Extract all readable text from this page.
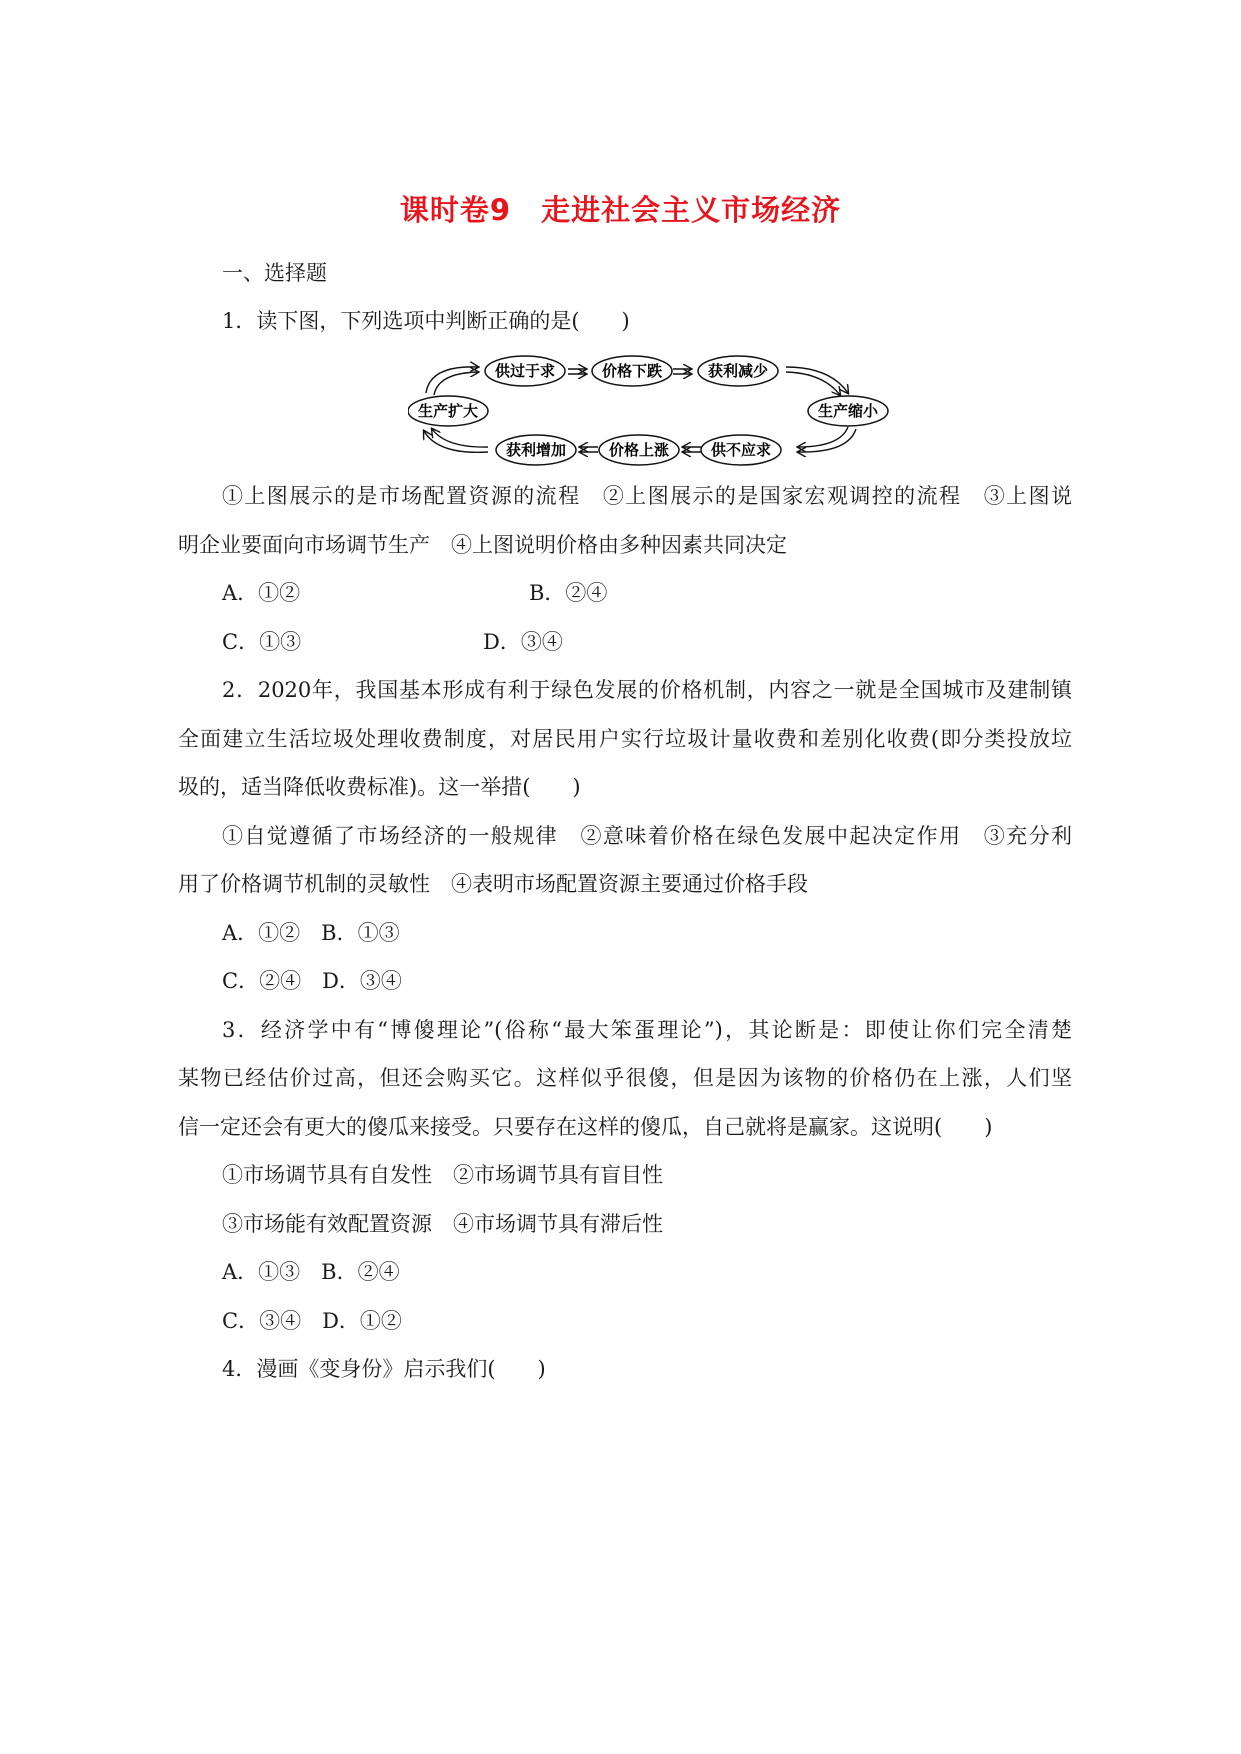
课时卷9　走进社会主义市场经济
一、选择题
1．读下图，下列选项中判断正确的是(　　)
供过于求	价格下跌	获利减少
生产缩小
供不应求
价格上涨
获利增加
生产扩大
①上图展示的是市场配置资源的流程　②上图展示的是国家宏观调控的流程　③上图说
明企业要面向市场调节生产　④上图说明价格由多种因素共同决定
A．①②	B．②④
C．①③	D．③④
2．2020年，我国基本形成有利于绿色发展的价格机制，内容之一就是全国城市及建制镇
全面建立生活垃圾处理收费制度，对居民用户实行垃圾计量收费和差别化收费(即分类投放垃
圾的，适当降低收费标准)。这一举措(　　)
①自觉遵循了市场经济的一般规律　②意味着价格在绿色发展中起决定作用　③充分利
用了价格调节机制的灵敏性　④表明市场配置资源主要通过价格手段
A．①②　B．①③
C．②④　D．③④
3．经济学中有“博傻理论”(俗称“最大笨蛋理论”)，其论断是：即使让你们完全清楚
某物已经估价过高，但还会购买它。这样似乎很傻，但是因为该物的价格仍在上涨，人们坚
信一定还会有更大的傻瓜来接受。只要存在这样的傻瓜，自己就将是赢家。这说明(　　)
①市场调节具有自发性　②市场调节具有盲目性
③市场能有效配置资源　④市场调节具有滞后性
A．①③　B．②④
C．③④　D．①②
4．漫画《变身份》启示我们(　　)
